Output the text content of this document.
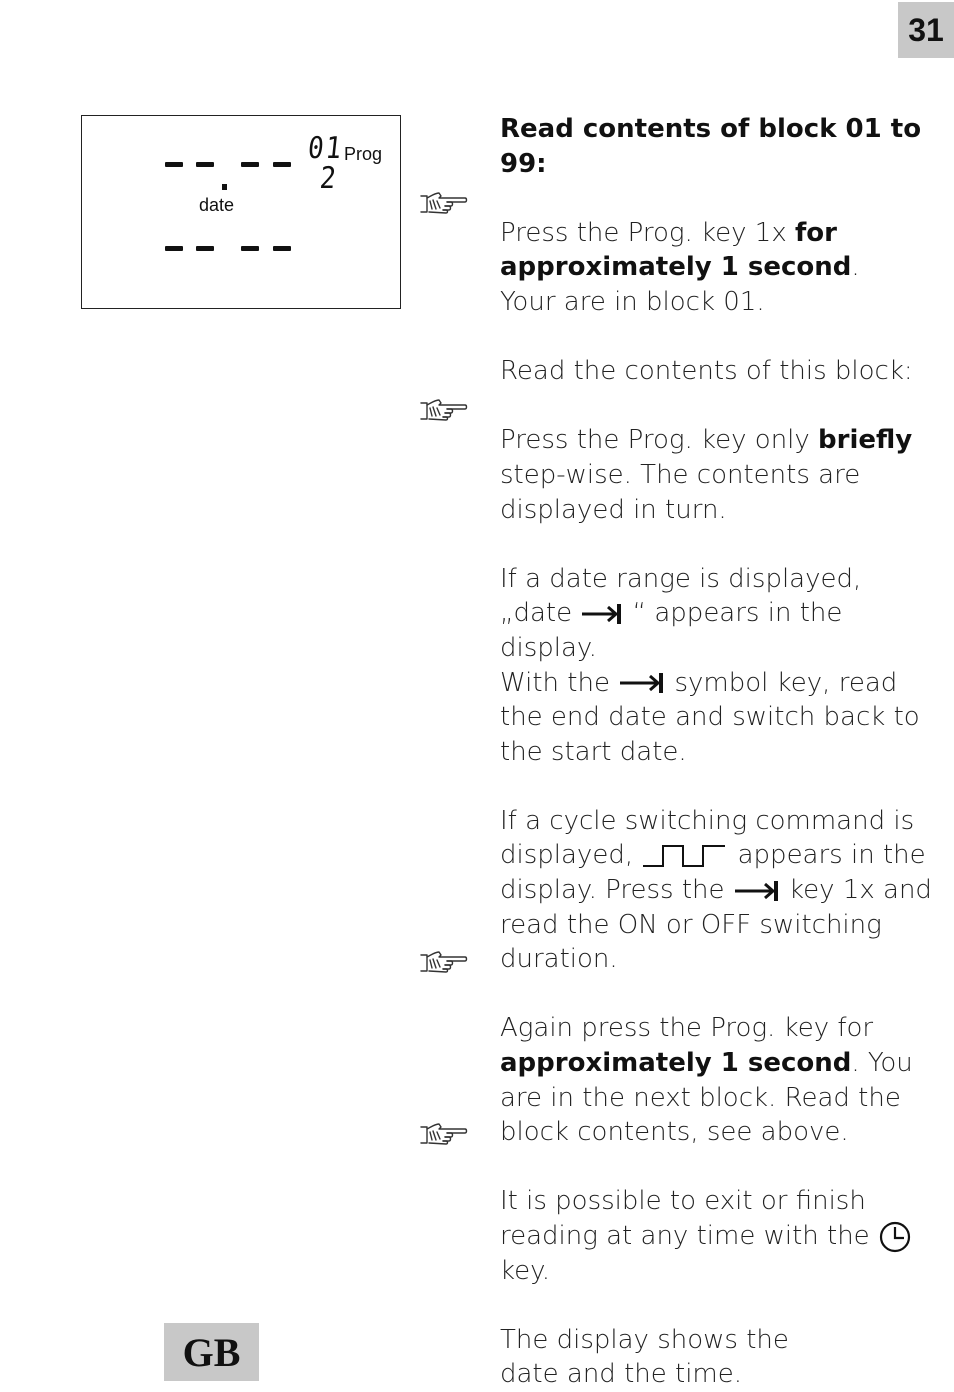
31
01
Prog
2
date

Read contents of block 01 to 99:

Press the Prog. key 1x for approximately 1 second.

Your are in block 01.

Read the contents of this block:

Press the Prog. key only briefly step-wise. The contents are displayed in turn.

If a date range is displayed,
„date  “ appears in the display.
With the  symbol key, read the end date and switch back to the start date.

If a cycle switching command is displayed,	appears in the display. Press the  key 1x and read the ON or OFF switching duration.

Again press the Prog. key for approximately 1 second. You are in the next block. Read the block contents, see above.

It is possible to exit or finish reading at any time with the key.

The display shows the
date and the time.

GB
